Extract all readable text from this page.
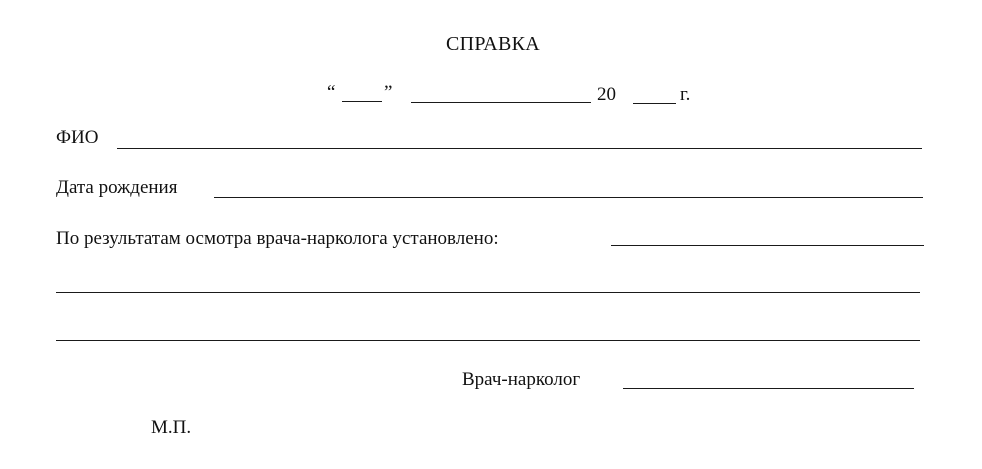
СПРАВКА
“	”	20	г.
ФИО
Дата рождения
По результатам осмотра врача-нарколога установлено:
Врач-нарколог
М.П.
